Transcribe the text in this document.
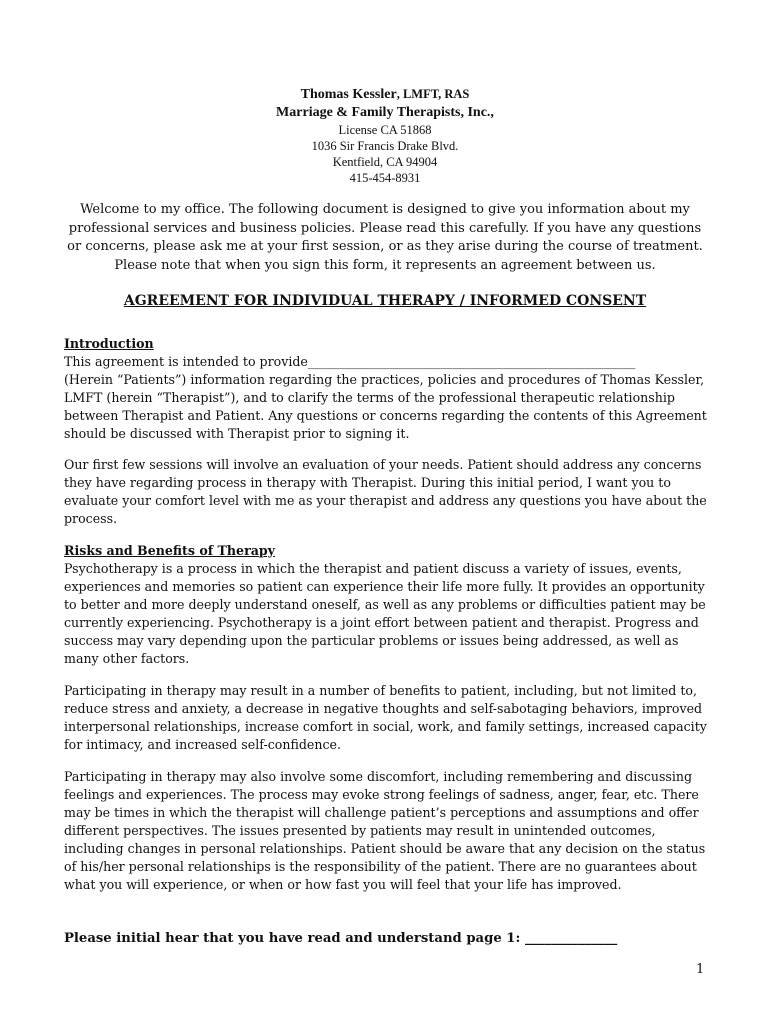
Thomas Kessler, LMFT, RAS
Marriage & Family Therapists, Inc.,
License CA 51868
1036 Sir Francis Drake Blvd.
Kentfield, CA 94904
415-454-8931
Welcome to my office. The following document is designed to give you information about my professional services and business policies. Please read this carefully. If you have any questions or concerns, please ask me at your first session, or as they arise during the course of treatment. Please note that when you sign this form, it represents an agreement between us.
AGREEMENT FOR INDIVIDUAL THERAPY / INFORMED CONSENT
Introduction
This agreement is intended to provide____________________________________________________
(Herein “Patients”) information regarding the practices, policies and procedures of Thomas Kessler, LMFT (herein “Therapist”), and to clarify the terms of the professional therapeutic relationship between Therapist and Patient. Any questions or concerns regarding the contents of this Agreement should be discussed with Therapist prior to signing it.
Our first few sessions will involve an evaluation of your needs. Patient should address any concerns they have regarding process in therapy with Therapist. During this initial period, I want you to evaluate your comfort level with me as your therapist and address any questions you have about the process.
Risks and Benefits of Therapy
Psychotherapy is a process in which the therapist and patient discuss a variety of issues, events, experiences and memories so patient can experience their life more fully. It provides an opportunity to better and more deeply understand oneself, as well as any problems or difficulties patient may be currently experiencing. Psychotherapy is a joint effort between patient and therapist. Progress and success may vary depending upon the particular problems or issues being addressed, as well as many other factors.
Participating in therapy may result in a number of benefits to patient, including, but not limited to, reduce stress and anxiety, a decrease in negative thoughts and self-sabotaging behaviors, improved interpersonal relationships, increase comfort in social, work, and family settings, increased capacity for intimacy, and increased self-confidence.
Participating in therapy may also involve some discomfort, including remembering and discussing feelings and experiences. The process may evoke strong feelings of sadness, anger, fear, etc. There may be times in which the therapist will challenge patient’s perceptions and assumptions and offer different perspectives. The issues presented by patients may result in unintended outcomes, including changes in personal relationships. Patient should be aware that any decision on the status of his/her personal relationships is the responsibility of the patient. There are no guarantees about what you will experience, or when or how fast you will feel that your life has improved.
Please initial hear that you have read and understand page 1: ______________
1
